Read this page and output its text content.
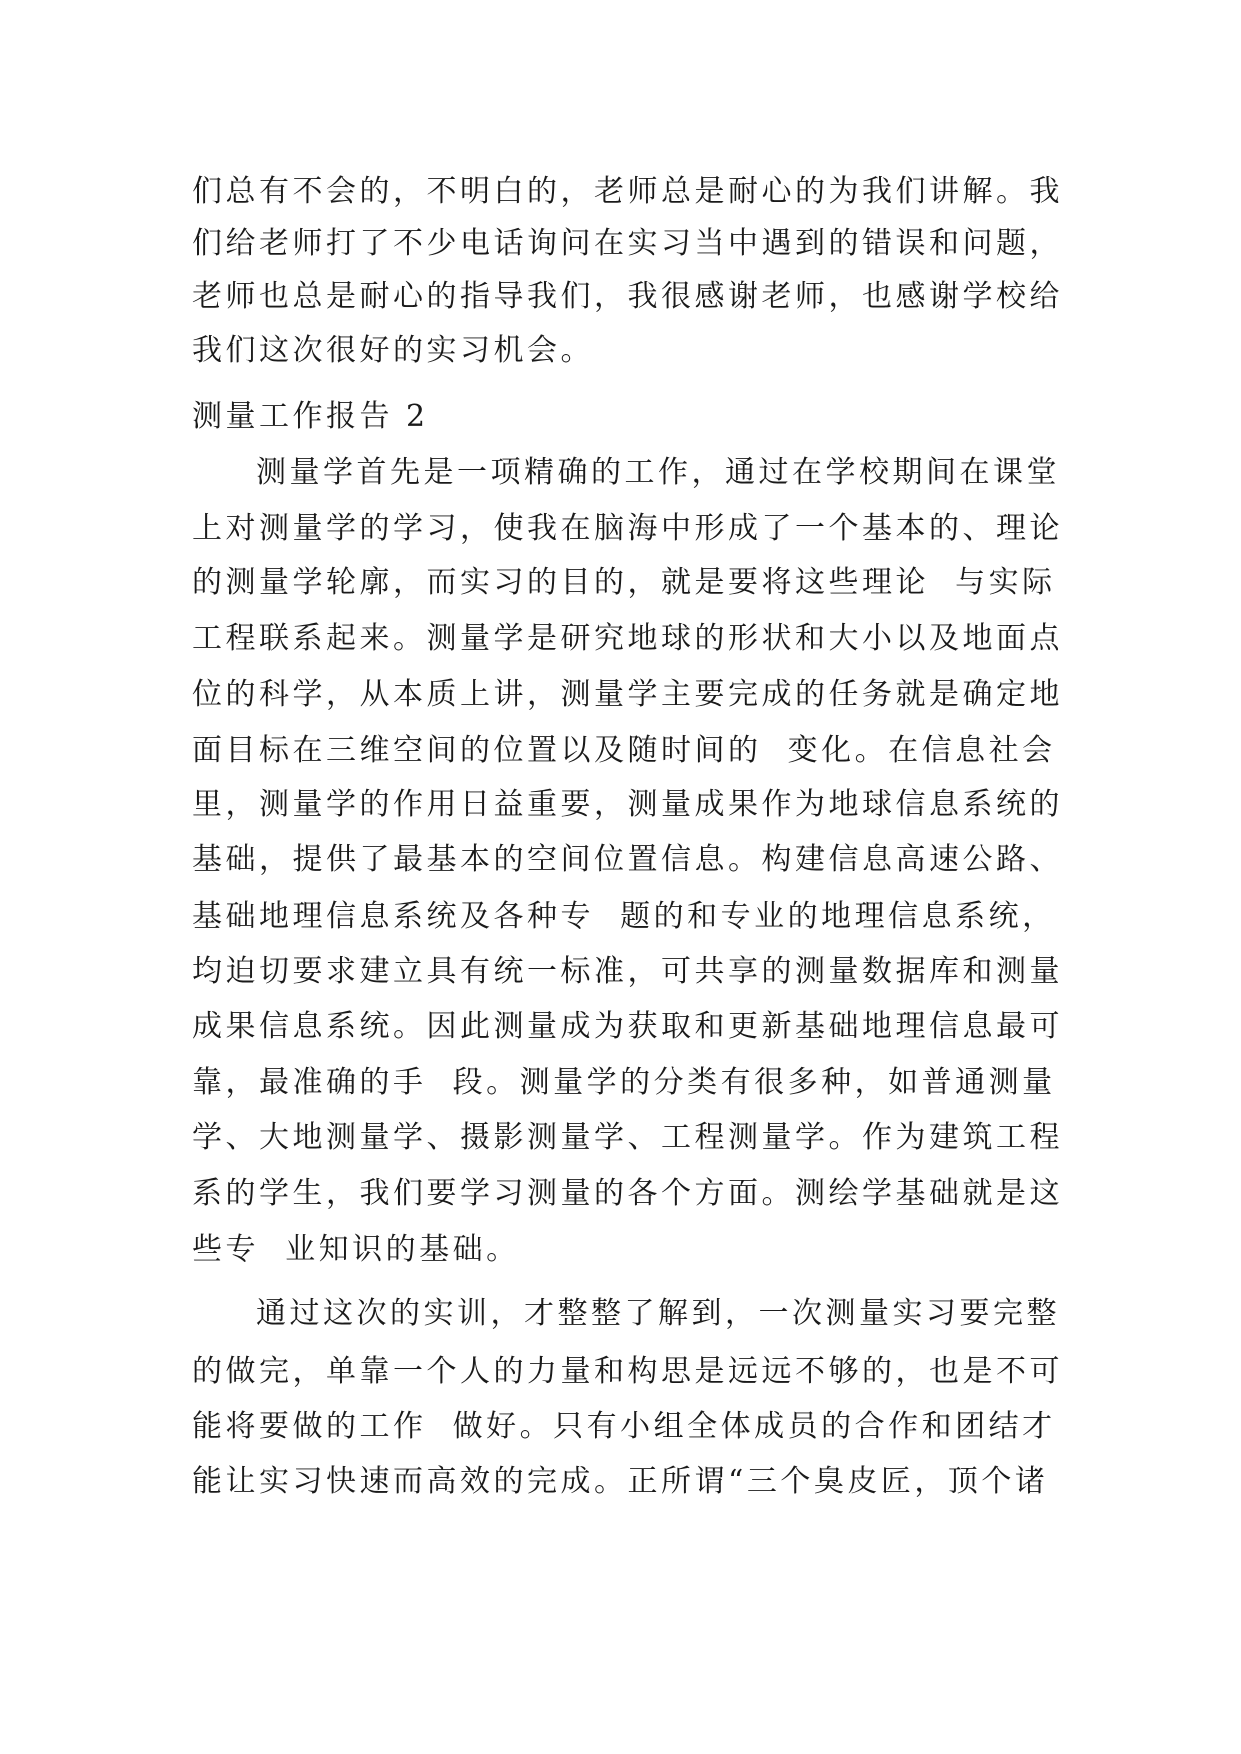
们总有不会的，不明白的，老师总是耐心的为我们讲解。我
们给老师打了不少电话询问在实习当中遇到的错误和问题，
老师也总是耐心的指导我们，我很感谢老师，也感谢学校给
我们这次很好的实习机会。
测量工作报告 2
测量学首先是一项精确的工作，通过在学校期间在课堂
上对测量学的学习，使我在脑海中形成了一个基本的、理论
的测量学轮廓，而实习的目的，就是要将这些理论  与实际
工程联系起来。测量学是研究地球的形状和大小以及地面点
位的科学，从本质上讲，测量学主要完成的任务就是确定地
面目标在三维空间的位置以及随时间的  变化。在信息社会
里，测量学的作用日益重要，测量成果作为地球信息系统的
基础，提供了最基本的空间位置信息。构建信息高速公路、
基础地理信息系统及各种专  题的和专业的地理信息系统，
均迫切要求建立具有统一标准，可共享的测量数据库和测量
成果信息系统。因此测量成为获取和更新基础地理信息最可
靠，最准确的手  段。测量学的分类有很多种，如普通测量
学、大地测量学、摄影测量学、工程测量学。作为建筑工程
系的学生，我们要学习测量的各个方面。测绘学基础就是这
些专  业知识的基础。
通过这次的实训，才整整了解到，一次测量实习要完整
的做完，单靠一个人的力量和构思是远远不够的，也是不可
能将要做的工作  做好。只有小组全体成员的合作和团结才
能让实习快速而高效的完成。正所谓“三个臭皮匠，顶个诸
